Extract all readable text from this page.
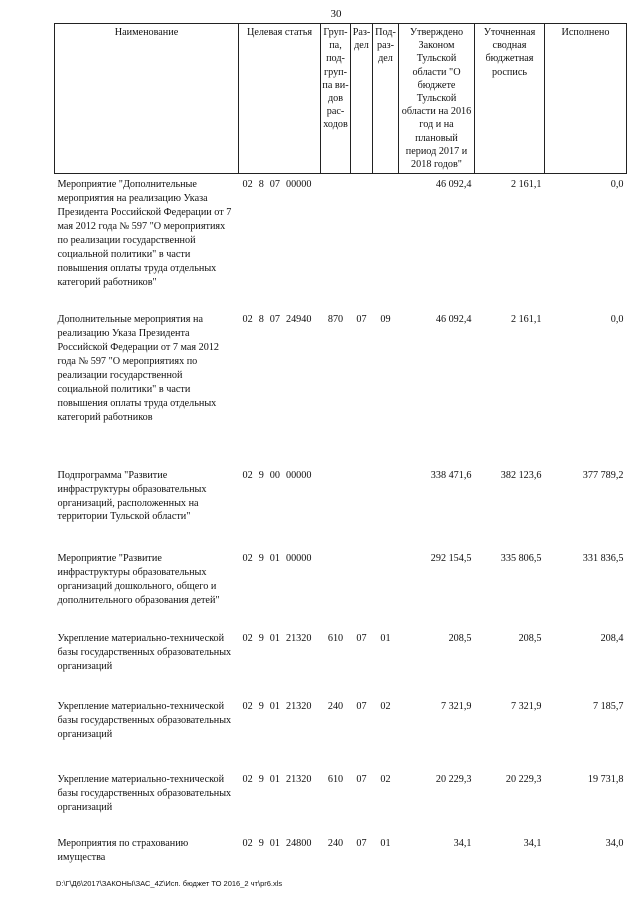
30
Наименование	Целевая статья	Груп-па, под-груп-па ви-дов рас-ходов	Раз-дел	Под-раз-дел	Утверждено Законом Тульской области "О бюджете Тульской области на 2016 год и на плановый период 2017 и 2018 годов"	Уточненная сводная бюджетная роспись	Исполнено
Мероприятие "Дополнительные мероприятия на реализацию Указа Президента Российской Федерации от 7 мая 2012 года № 597 "О мероприятиях по реализации государственной социальной политики" в части повышения оплаты труда отдельных категорий работников"	02 8 07 00000				46 092,4	2 161,1	0,0
Дополнительные мероприятия на реализацию Указа Президента Российской Федерации от 7 мая 2012 года № 597 "О мероприятиях по реализации государственной социальной политики" в части повышения оплаты труда отдельных категорий работников	02 8 07 24940	870	07	09	46 092,4	2 161,1	0,0
Подпрограмма "Развитие инфраструктуры образовательных организаций, расположенных на территории Тульской области"	02 9 00 00000				338 471,6	382 123,6	377 789,2
Мероприятие "Развитие инфраструктуры образовательных организаций дошкольного, общего и дополнительного образования детей"	02 9 01 00000				292 154,5	335 806,5	331 836,5
Укрепление материально-технической базы государственных образовательных организаций	02 9 01 21320	610	07	01	208,5	208,5	208,4
Укрепление материально-технической базы государственных образовательных организаций	02 9 01 21320	240	07	02	7 321,9	7 321,9	7 185,7
Укрепление материально-технической базы государственных образовательных организаций	02 9 01 21320	610	07	02	20 229,3	20 229,3	19 731,8
Мероприятия по страхованию имущества	02 9 01 24800	240	07	01	34,1	34,1	34,0
D:\Г\Д6\2017\ЗАКОНЫ\ЗАС_4Z\Исп. бюджет ТО 2016_2 чт\pr6.xls
